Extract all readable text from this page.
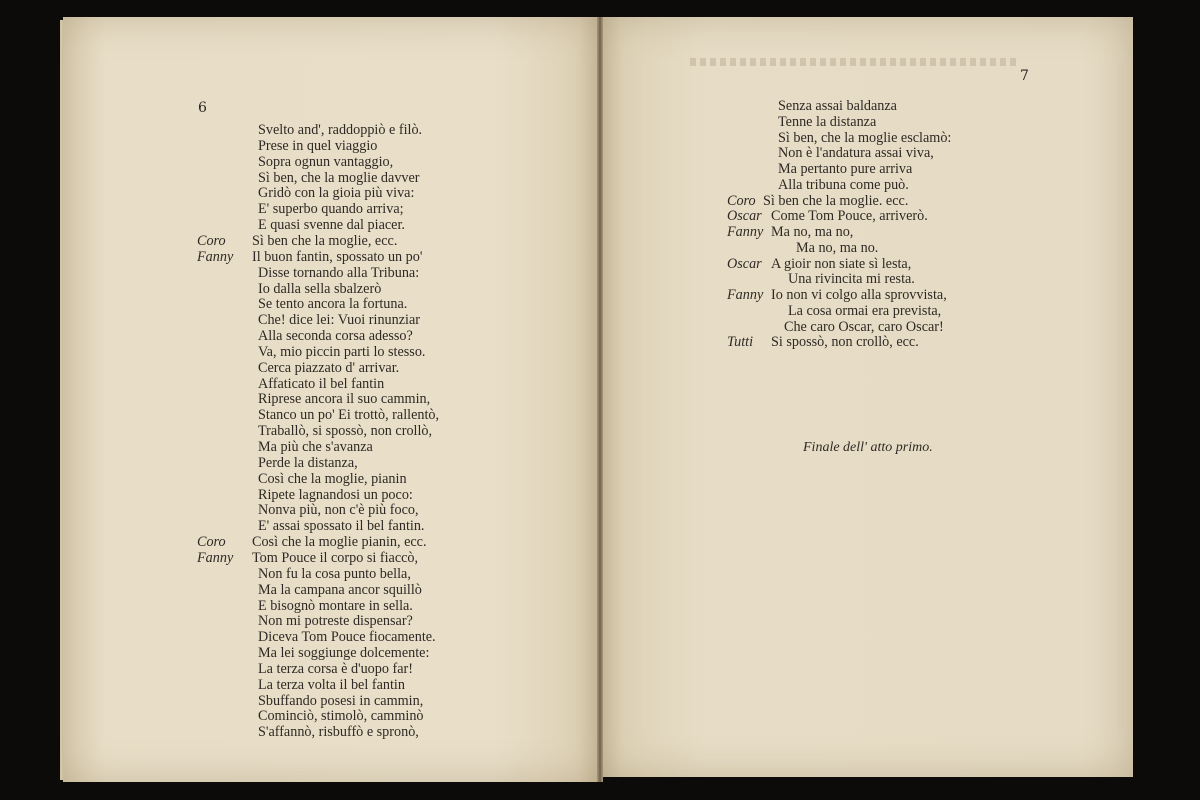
6
7
Svelto and', raddoppiò e filò.
Prese in quel viaggio
Sopra ognun vantaggio,
Sì ben, che la moglie davver
Gridò con la gioia più viva:
E' superbo quando arriva;
E quasi svenne dal piacer.
Sì ben che la moglie, ecc.
Coro
Il buon fantin, spossato un po'
Fanny
Disse tornando alla Tribuna:
Io dalla sella sbalzerò
Se tento ancora la fortuna.
Che! dice lei: Vuoi rinunziar
Alla seconda corsa adesso?
Va, mio piccin parti lo stesso.
Cerca piazzato d' arrivar.
Affaticato il bel fantin
Riprese ancora il suo cammin,
Stanco un po' Ei trottò, rallentò,
Traballò, si spossò, non crollò,
Ma più che s'avanza
Perde la distanza,
Così che la moglie, pianin
Ripete lagnandosi un poco:
Nonva più, non c'è più foco,
E' assai spossato il bel fantin.
Così che la moglie pianin, ecc.
Coro
Tom Pouce il corpo si fiaccò,
Fanny
Non fu la cosa punto bella,
Ma la campana ancor squillò
E bisognò montare in sella.
Non mi potreste dispensar?
Diceva Tom Pouce fiocamente.
Ma lei soggiunge dolcemente:
La terza corsa è d'uopo far!
La terza volta il bel fantin
Sbuffando posesi in cammin,
Cominciò, stimolò, camminò
S'affannò, risbuffò e spronò,
Senza assai baldanza
Tenne la distanza
Sì ben, che la moglie esclamò:
Non è l'andatura assai viva,
Ma pertanto pure arriva
Alla tribuna come può.
Sì ben che la moglie. ecc.
Coro
Come Tom Pouce, arriverò.
Oscar
Ma no, ma no,
Fanny
Ma no, ma no.
A gioir non siate sì lesta,
Oscar
Una rivincita mi resta.
Io non vi colgo alla sprovvista,
Fanny
La cosa ormai era prevista,
Che caro Oscar, caro Oscar!
Si spossò, non crollò, ecc.
Tutti
Finale dell' atto primo.
